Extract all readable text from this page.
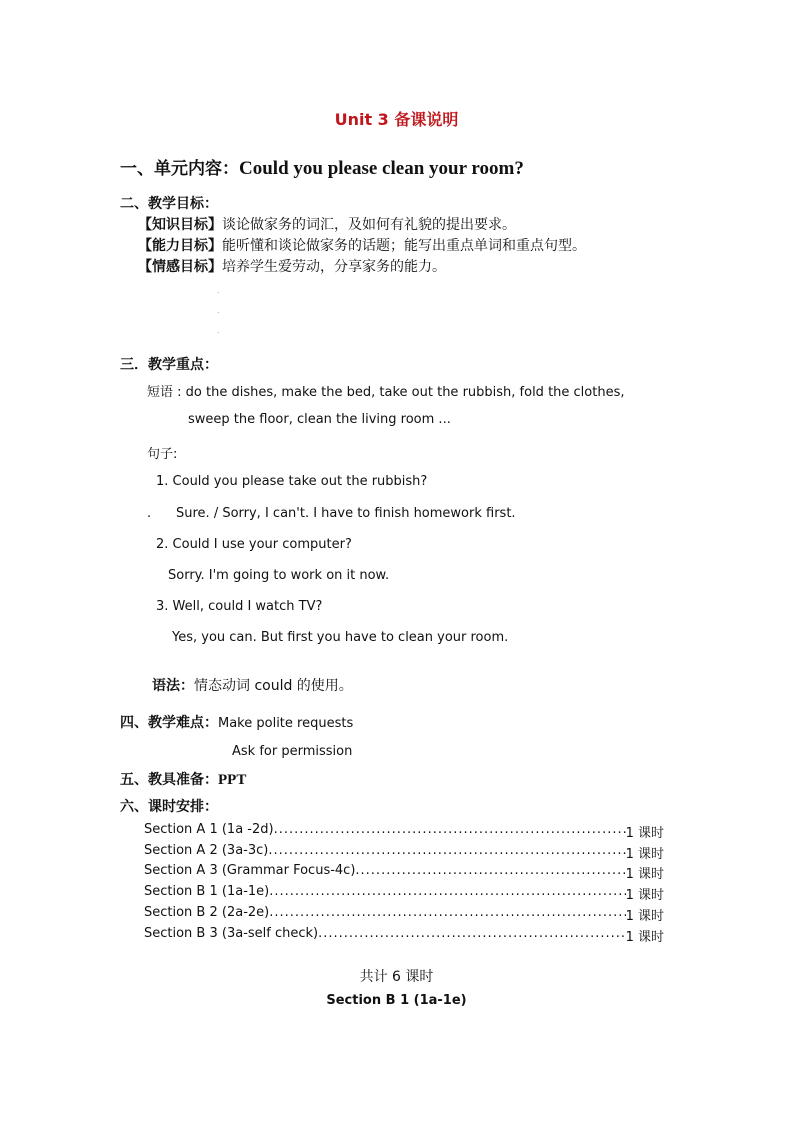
Unit 3 备课说明
一、单元内容：Could you please clean your room?
二、教学目标：
【知识目标】谈论做家务的词汇，及如何有礼貌的提出要求。
【能力目标】能听懂和谈论做家务的话题；能写出重点单词和重点句型。
【情感目标】培养学生爱劳动，分享家务的能力。
.
.
.
三．教学重点：
短语 : do the dishes, make the bed, take out the rubbish, fold the clothes,
sweep the floor, clean the living room ...
句子:
1. Could you please take out the rubbish?
. Sure. / Sorry, I can't. I have to finish homework first.
2. Could I use your computer?
Sorry. I'm going to work on it now.
3. Well, could I watch TV?
Yes, you can. But first you have to clean your room.
语法：情态动词 could 的使用。
四、教学难点：Make polite requests
Ask for permission
五、教具准备：PPT
六、课时安排：
Section A 1 (1a -2d) .....	1 课时
Section A 2 (3a-3c) .....	1 课时
Section A 3 (Grammar Focus-4c) .....	1 课时
Section B 1 (1a-1e) .....	1 课时
Section B 2 (2a-2e) .....	1 课时
Section B 3 (3a-self check) .....	1 课时
共计 6 课时
Section B 1 (1a-1e)
